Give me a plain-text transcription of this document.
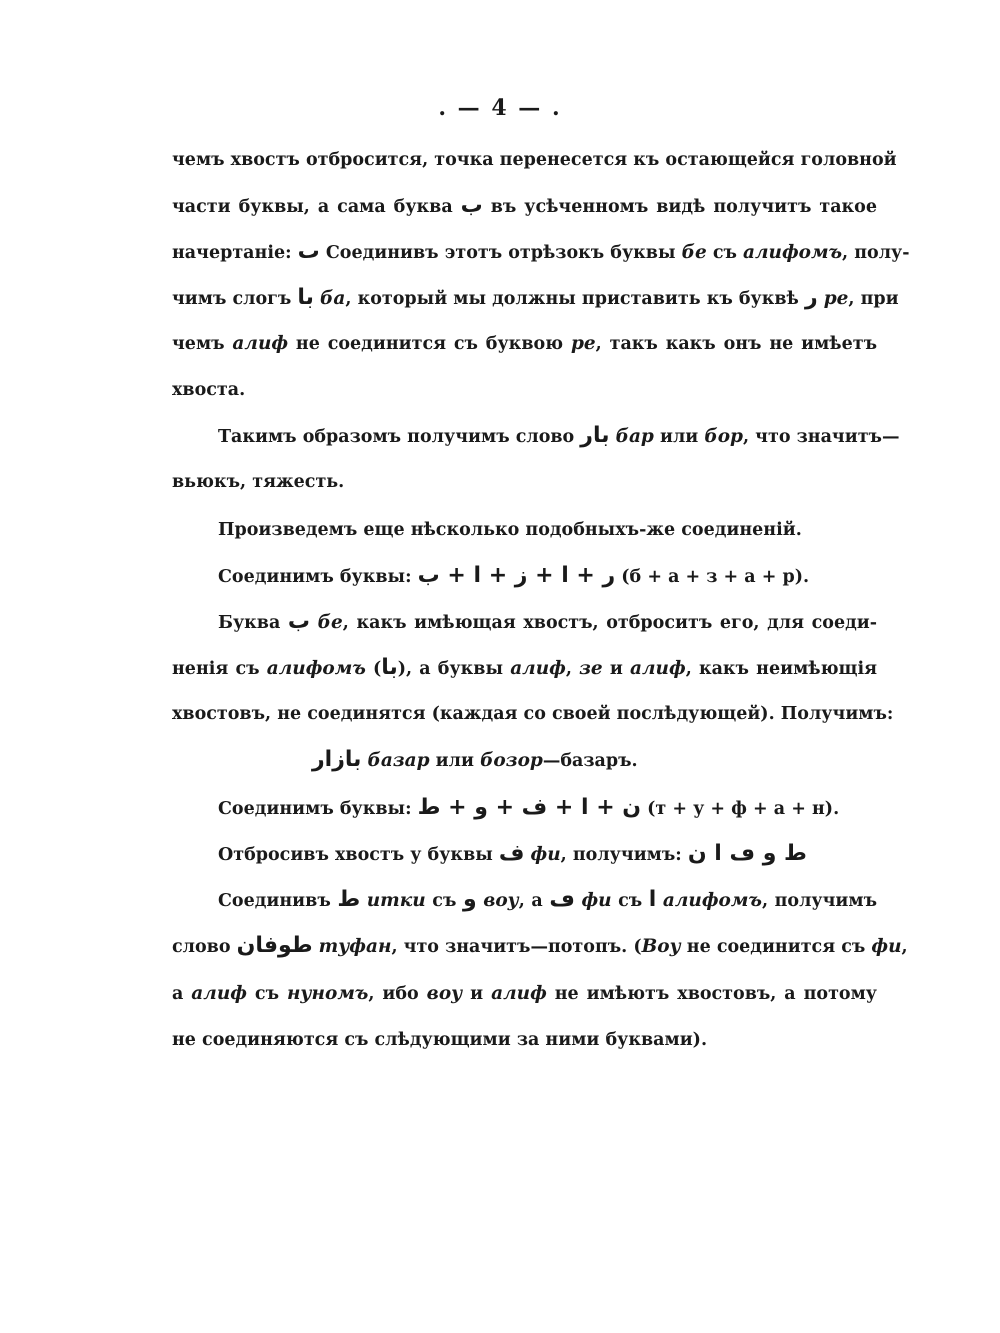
. — 4 — .
чемъ хвостъ отбросится, точка перенесется къ остающейся головной
части буквы, а сама буква ب въ усѣченномъ видѣ получитъ такое
начертаніе: ٮ Соединивъ этотъ отрѣзокъ буквы бе съ алифомъ, полу-
чимъ слогъ با ба, который мы должны приставить къ буквѣ ر ре, при
чемъ алиф не соединится съ буквою ре, такъ какъ онъ не имѣетъ
хвоста.
Такимъ образомъ получимъ слово بار бар или бор, что значитъ—
вьюкъ, тяжесть.
Произведемъ еще нѣсколько подобныхъ-же соединеній.
Соединимъ буквы: ر + ا + ز + ا + ب (б + а + з + а + р).
Буква ب бе, какъ имѣющая хвостъ, отброситъ его, для соеди-
ненія съ алифомъ (با), а буквы алиф, зе и алиф, какъ неимѣющія
хвостовъ, не соединятся (каждая со своей послѣдующей). Получимъ:
بازار базар или бозор—базаръ.
Соединимъ буквы: ن + ا + ف + و + ط (т + у + ф + а + н).
Отбросивъ хвостъ у буквы ف фи, получимъ: ط و ڡ ا ن
Соединивъ ط итки съ و воу, а ڡ фи съ ا алифомъ, получимъ
слово طوفان туфан, что значитъ—потопъ. (Воу не соединится съ фи,
а алиф съ нуномъ, ибо воу и алиф не имѣютъ хвостовъ, а потому
не соединяются съ слѣдующими за ними буквами).
